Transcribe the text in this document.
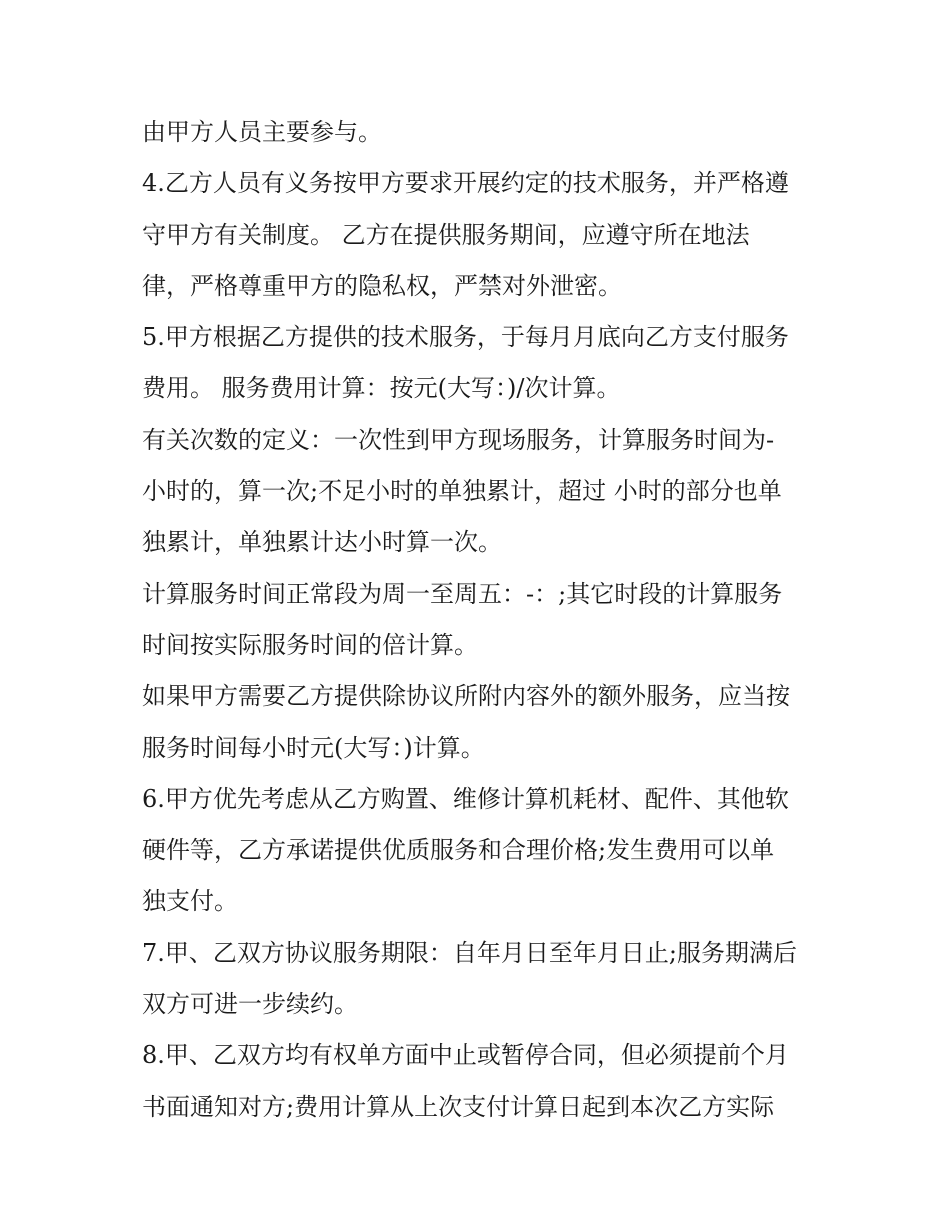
由甲方人员主要参与。
4.乙方人员有义务按甲方要求开展约定的技术服务，并严格遵
守甲方有关制度。 乙方在提供服务期间，应遵守所在地法
律，严格尊重甲方的隐私权，严禁对外泄密。
5.甲方根据乙方提供的技术服务，于每月月底向乙方支付服务
费用。 服务费用计算：按元(大写：)/次计算。
有关次数的定义：一次性到甲方现场服务，计算服务时间为-
小时的，算一次;不足小时的单独累计，超过 小时的部分也单
独累计，单独累计达小时算一次。
计算服务时间正常段为周一至周五：-：;其它时段的计算服务
时间按实际服务时间的倍计算。
如果甲方需要乙方提供除协议所附内容外的额外服务，应当按
服务时间每小时元(大写：)计算。
6.甲方优先考虑从乙方购置、维修计算机耗材、配件、其他软
硬件等，乙方承诺提供优质服务和合理价格;发生费用可以单
独支付。
7.甲、乙双方协议服务期限：自年月日至年月日止;服务期满后
双方可进一步续约。
8.甲、乙双方均有权单方面中止或暂停合同，但必须提前个月
书面通知对方;费用计算从上次支付计算日起到本次乙方实际
